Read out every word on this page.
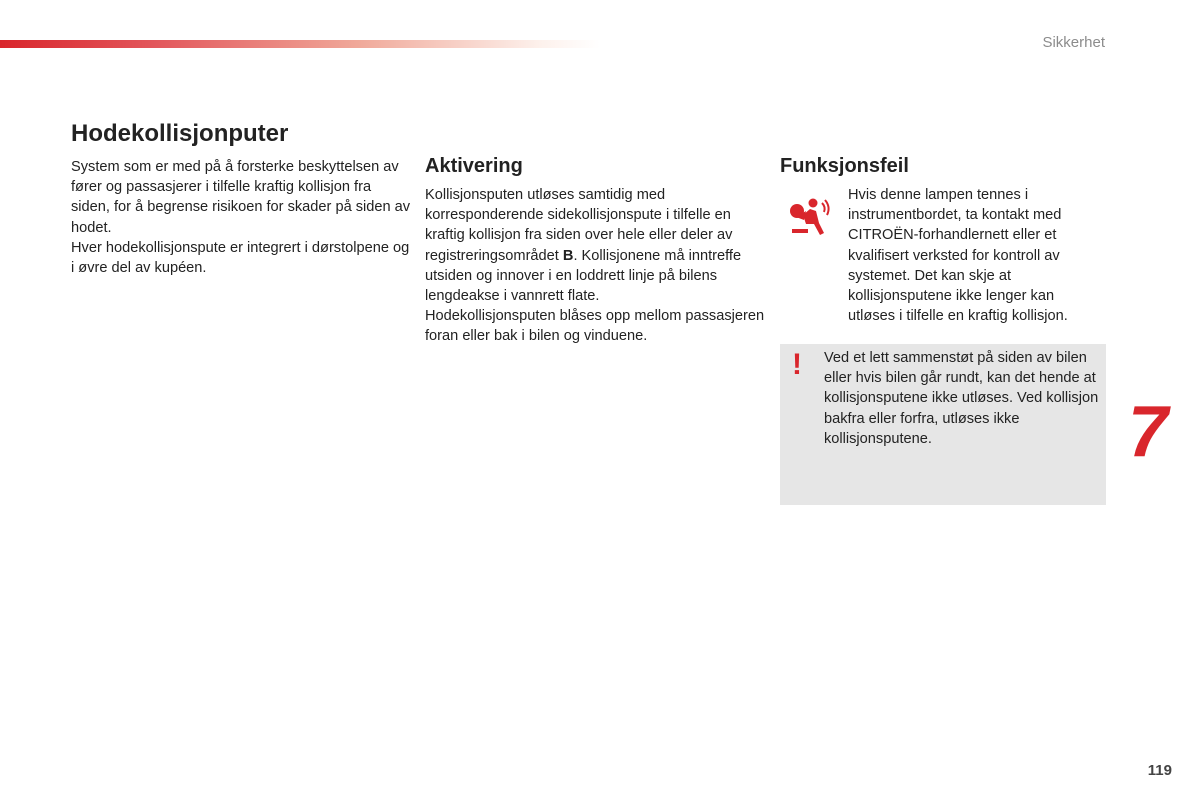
Sikkerhet
Hodekollisjonputer

System som er med på å forsterke beskyttelsen av fører og passasjerer i tilfelle kraftig kollisjon fra siden, for å begrense risikoen for skader på siden av hodet.

Hver hodekollisjonspute er integrert i dørstolpene og i øvre del av kupéen.

Aktivering

Kollisjonsputen utløses samtidig med korresponderende sidekollisjonspute i tilfelle en kraftig kollisjon fra siden over hele eller deler av registreringsområdet B. Kollisjonene må inntreffe utsiden og innover i en loddrett linje på bilens lengdeakse i vannrett flate.

Hodekollisjonsputen blåses opp mellom passasjeren foran eller bak i bilen og vinduene.

Funksjonsfeil
Hvis denne lampen tennes i instrumentbordet, ta kontakt med CITROËN-forhandlernett eller et kvalifisert verksted for kontroll av systemet. Det kan skje at kollisjonsputene ikke lenger kan utløses i tilfelle en kraftig kollisjon.
! Ved et lett sammenstøt på siden av bilen eller hvis bilen går rundt, kan det hende at kollisjonsputene ikke utløses. Ved kollisjon bakfra eller forfra, utløses ikke kollisjonsputene.	7
119
